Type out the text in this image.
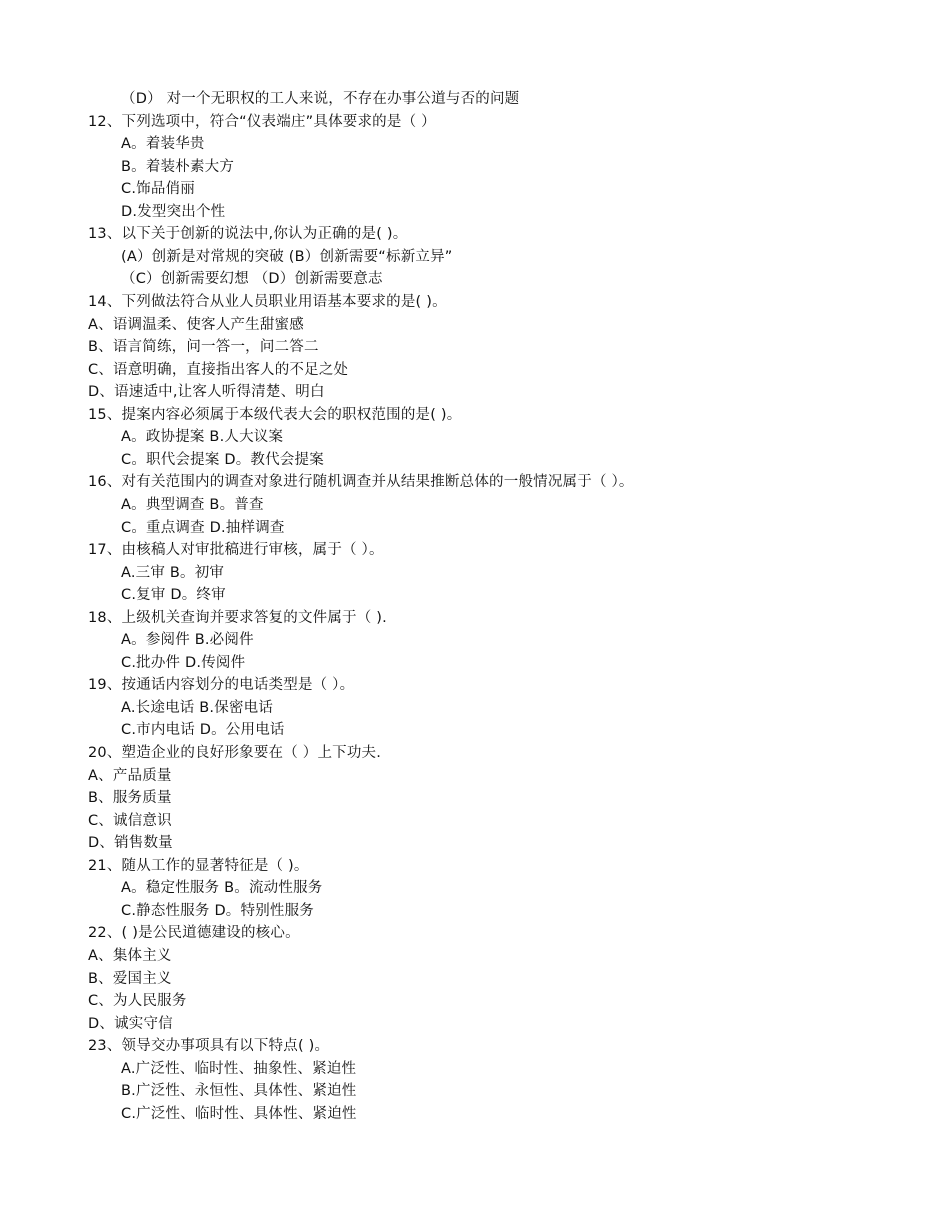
（D） 对一个无职权的工人来说，不存在办事公道与否的问题
12、下列选项中，符合“仪表端庄”具体要求的是（ ）
A。着装华贵
B。着装朴素大方
C.饰品俏丽
D.发型突出个性
13、以下关于创新的说法中,你认为正确的是( )。
(A）创新是对常规的突破 (B）创新需要“标新立异”
（C）创新需要幻想 （D）创新需要意志
14、下列做法符合从业人员职业用语基本要求的是( )。
A、语调温柔、使客人产生甜蜜感
B、语言简练，问一答一，问二答二
C、语意明确，直接指出客人的不足之处
D、语速适中,让客人听得清楚、明白
15、提案内容必须属于本级代表大会的职权范围的是( )。
A。政协提案 B.人大议案
C。职代会提案 D。教代会提案
16、对有关范围内的调查对象进行随机调查并从结果推断总体的一般情况属于（ ）。
A。典型调查 B。普查
C。重点调查 D.抽样调查
17、由核稿人对审批稿进行审核，属于（ ）。
A.三审 B。初审
C.复审 D。终审
18、上级机关查询并要求答复的文件属于（ ).
A。参阅件 B.必阅件
C.批办件 D.传阅件
19、按通话内容划分的电话类型是（ ）。
A.长途电话 B.保密电话
C.市内电话 D。公用电话
20、塑造企业的良好形象要在（ ）上下功夫.
A、产品质量
B、服务质量
C、诚信意识
D、销售数量
21、随从工作的显著特征是（ )。
A。稳定性服务 B。流动性服务
C.静态性服务 D。特别性服务
22、( )是公民道德建设的核心。
A、集体主义
B、爱国主义
C、为人民服务
D、诚实守信
23、领导交办事项具有以下特点( )。
A.广泛性、临时性、抽象性、紧迫性
B.广泛性、永恒性、具体性、紧迫性
C.广泛性、临时性、具体性、紧迫性
